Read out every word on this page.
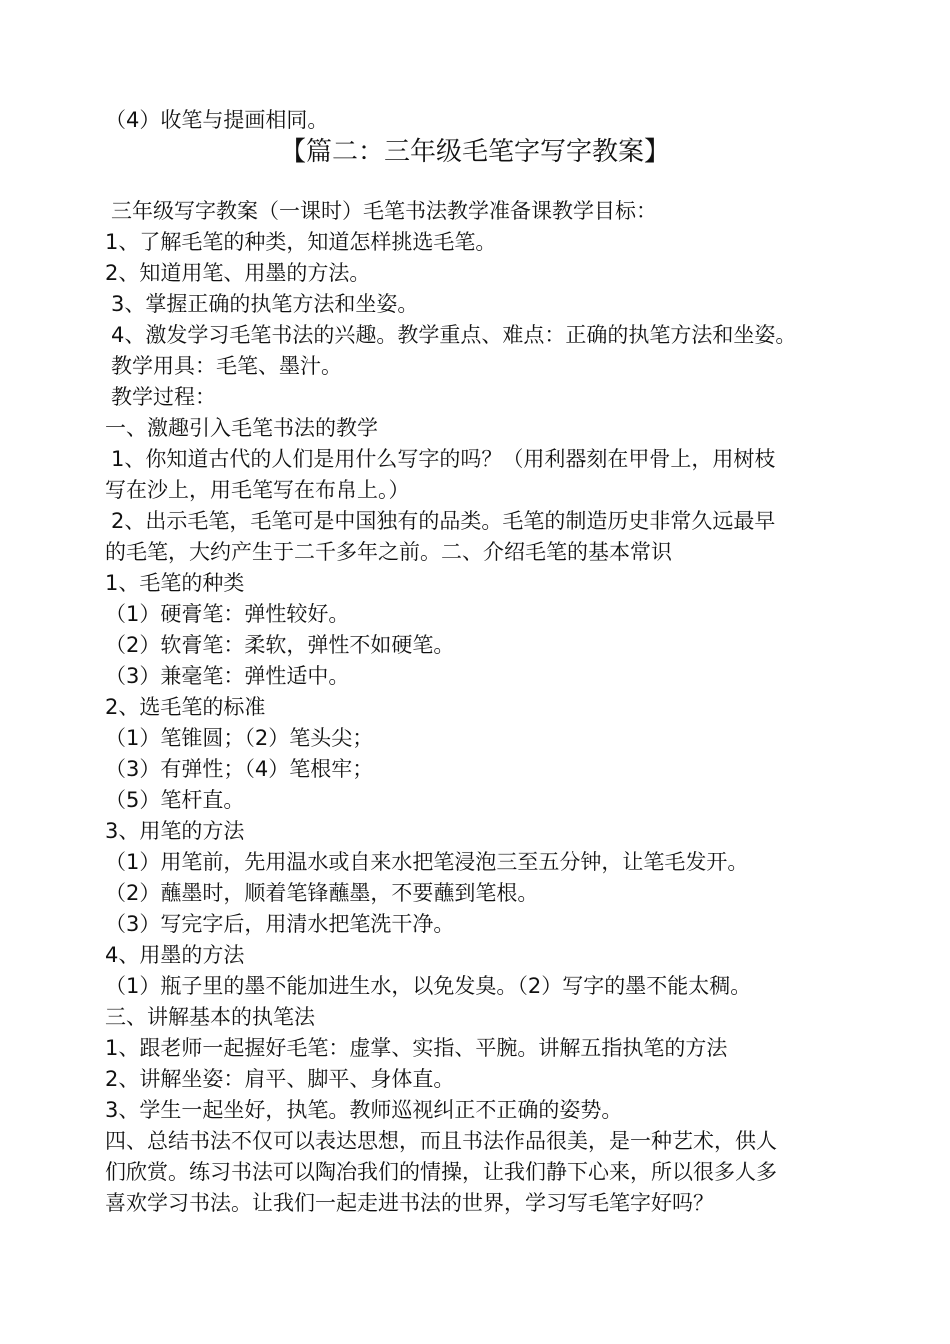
（4）收笔与提画相同。
【篇二：三年级毛笔字写字教案】
三年级写字教案（一课时）毛笔书法教学准备课教学目标：
1、了解毛笔的种类，知道怎样挑选毛笔。
2、知道用笔、用墨的方法。
3、掌握正确的执笔方法和坐姿。
4、激发学习毛笔书法的兴趣。教学重点、难点：正确的执笔方法和坐姿。
教学用具：毛笔、墨汁。
教学过程：
一、激趣引入毛笔书法的教学
1、你知道古代的人们是用什么写字的吗？（用利器刻在甲骨上，用树枝
写在沙上，用毛笔写在布帛上。）
2、出示毛笔，毛笔可是中国独有的品类。毛笔的制造历史非常久远最早
的毛笔，大约产生于二千多年之前。二、介绍毛笔的基本常识
1、毛笔的种类
（1）硬膏笔：弹性较好。
（2）软膏笔：柔软，弹性不如硬笔。
（3）兼毫笔：弹性适中。
2、选毛笔的标准
（1）笔锥圆；（2）笔头尖；
（3）有弹性；（4）笔根牢；
（5）笔杆直。
3、用笔的方法
（1）用笔前，先用温水或自来水把笔浸泡三至五分钟，让笔毛发开。
（2）蘸墨时，顺着笔锋蘸墨，不要蘸到笔根。
（3）写完字后，用清水把笔洗干净。
4、用墨的方法
（1）瓶子里的墨不能加进生水，以免发臭。（2）写字的墨不能太稠。
三、讲解基本的执笔法
1、跟老师一起握好毛笔：虚掌、实指、平腕。讲解五指执笔的方法
2、讲解坐姿：肩平、脚平、身体直。
3、学生一起坐好，执笔。教师巡视纠正不正确的姿势。
四、总结书法不仅可以表达思想，而且书法作品很美，是一种艺术，供人
们欣赏。练习书法可以陶冶我们的情操，让我们静下心来，所以很多人多
喜欢学习书法。让我们一起走进书法的世界，学习写毛笔字好吗？
